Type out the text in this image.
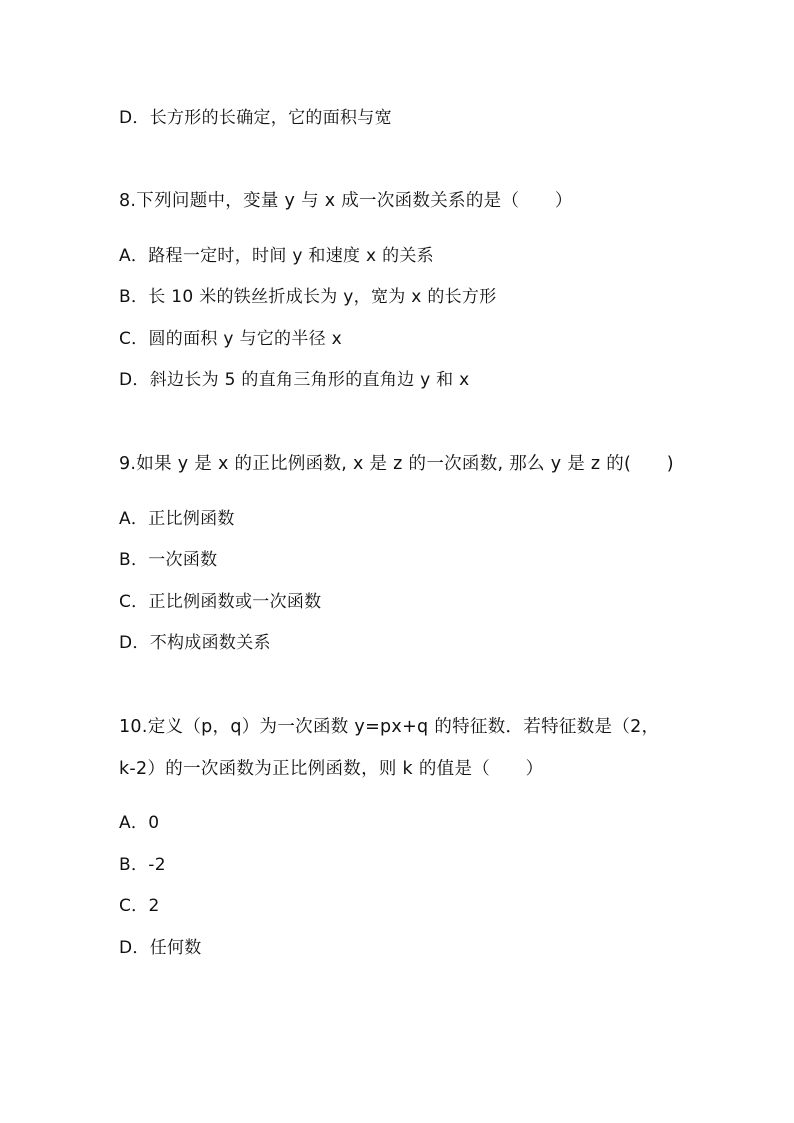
D．长方形的长确定，它的面积与宽
8.下列问题中，变量 y 与 x 成一次函数关系的是（　　）
A．路程一定时，时间 y 和速度 x 的关系
B．长 10 米的铁丝折成长为 y，宽为 x 的长方形
C．圆的面积 y 与它的半径 x
D．斜边长为 5 的直角三角形的直角边 y 和 x
9.如果 y 是 x 的正比例函数, x 是 z 的一次函数, 那么 y 是 z 的(　　)
A．正比例函数
B．一次函数
C．正比例函数或一次函数
D．不构成函数关系
10.定义（p，q）为一次函数 y=px+q 的特征数．若特征数是（2，
k-2）的一次函数为正比例函数，则 k 的值是（　　）
A．0
B．-2
C．2
D．任何数
